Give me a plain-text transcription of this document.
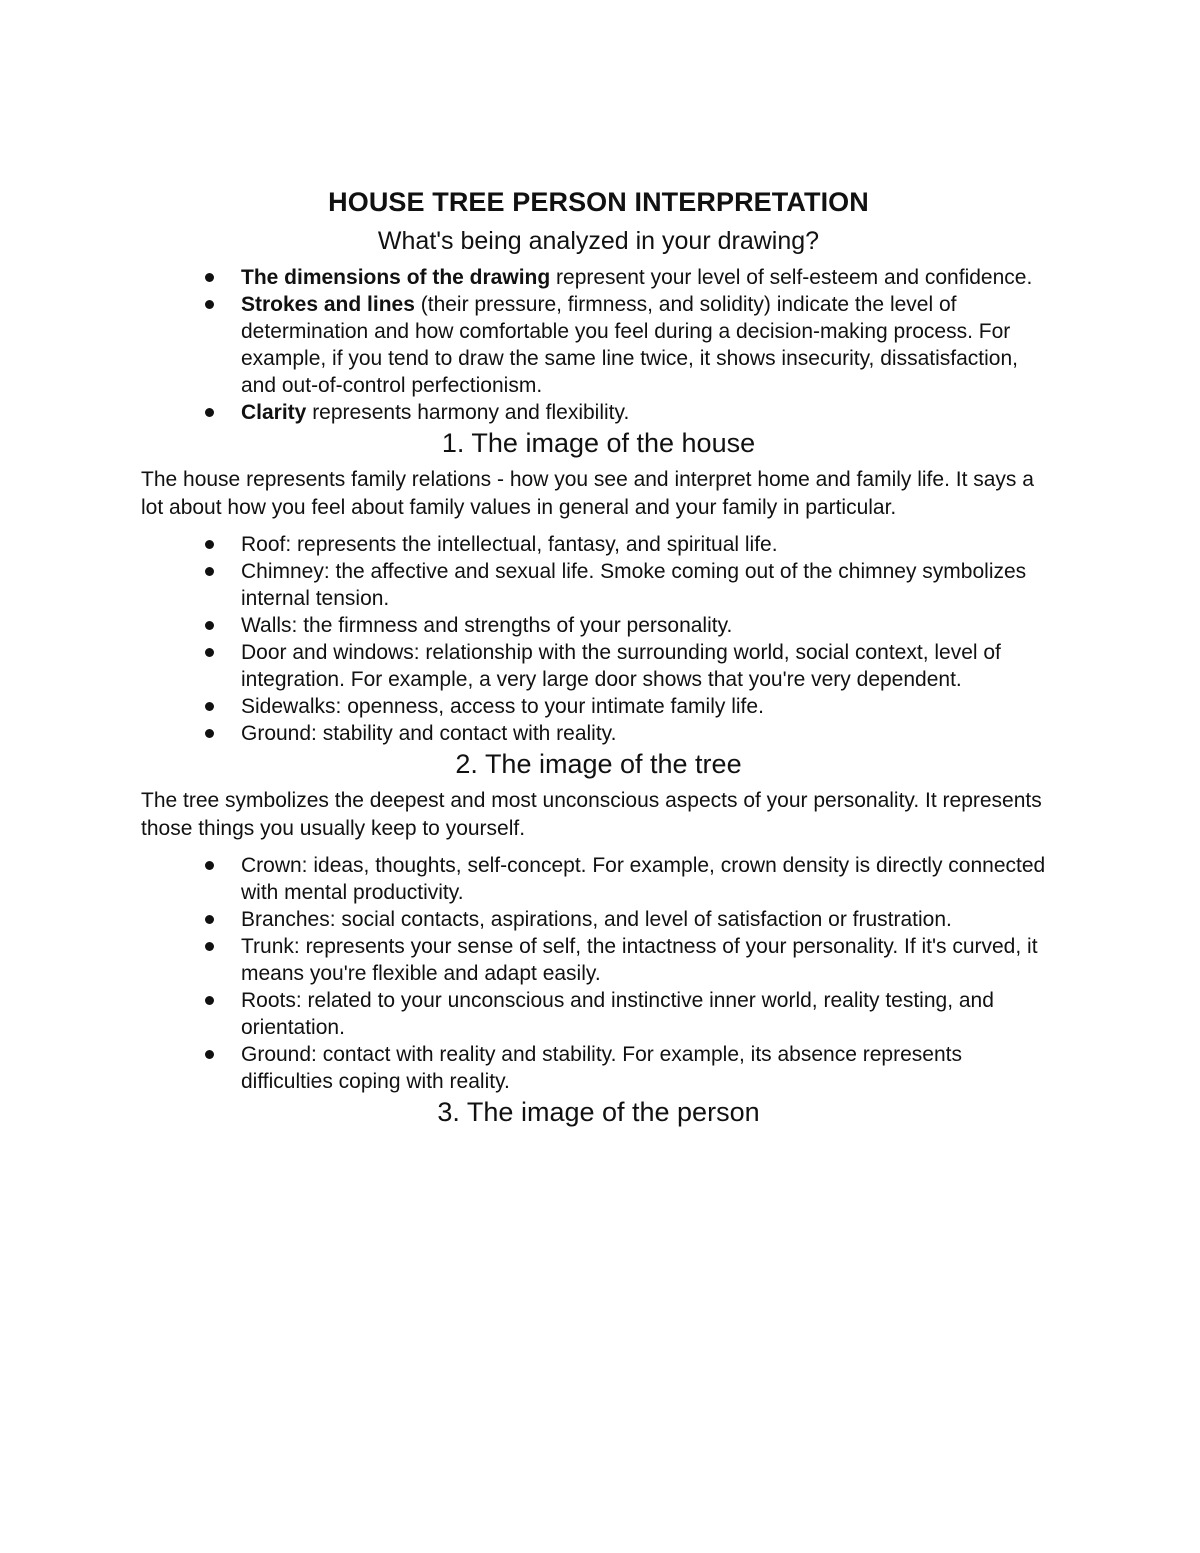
HOUSE TREE PERSON INTERPRETATION
What's being analyzed in your drawing?
The dimensions of the drawing represent your level of self-esteem and confidence.
Strokes and lines (their pressure, firmness, and solidity) indicate the level of determination and how comfortable you feel during a decision-making process. For example, if you tend to draw the same line twice, it shows insecurity, dissatisfaction, and out-of-control perfectionism.
Clarity represents harmony and flexibility.
1. The image of the house

The house represents family relations - how you see and interpret home and family life. It says a lot about how you feel about family values in general and your family in particular.

Roof: represents the intellectual, fantasy, and spiritual life.
Chimney: the affective and sexual life. Smoke coming out of the chimney symbolizes internal tension.
Walls: the firmness and strengths of your personality.
Door and windows: relationship with the surrounding world, social context, level of integration. For example, a very large door shows that you're very dependent.
Sidewalks: openness, access to your intimate family life.
Ground: stability and contact with reality.
2. The image of the tree

The tree symbolizes the deepest and most unconscious aspects of your personality. It represents those things you usually keep to yourself.

Crown: ideas, thoughts, self-concept. For example, crown density is directly connected with mental productivity.
Branches: social contacts, aspirations, and level of satisfaction or frustration.
Trunk: represents your sense of self, the intactness of your personality. If it's curved, it means you're flexible and adapt easily.
Roots: related to your unconscious and instinctive inner world, reality testing, and orientation.
Ground: contact with reality and stability. For example, its absence represents difficulties coping with reality.
3. The image of the person
